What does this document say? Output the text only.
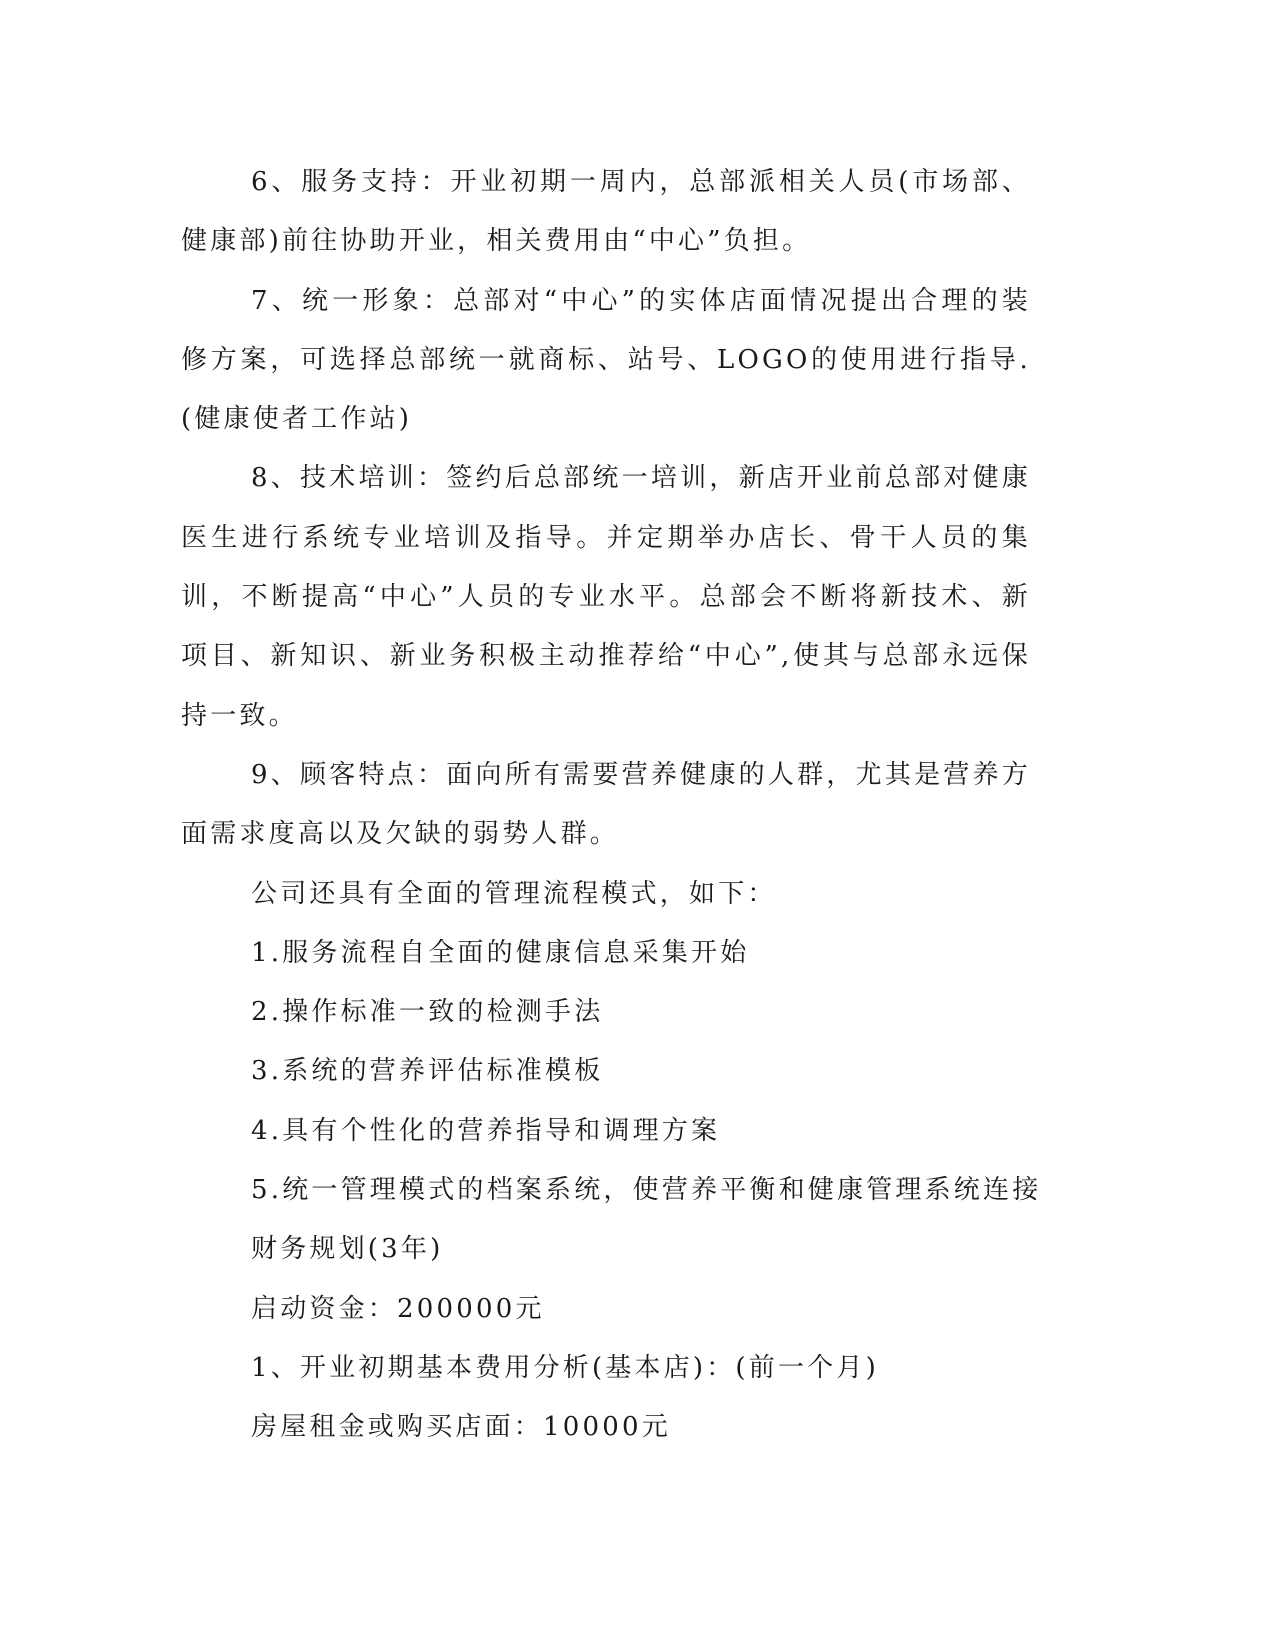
6、服务支持：开业初期一周内，总部派相关人员(市场部、健康部)前往协助开业，相关费用由“中心”负担。

7、统一形象：总部对“中心”的实体店面情况提出合理的装修方案，可选择总部统一就商标、站号、LOGO的使用进行指导.(健康使者工作站)

8、技术培训：签约后总部统一培训，新店开业前总部对健康医生进行系统专业培训及指导。并定期举办店长、骨干人员的集训，不断提高“中心”人员的专业水平。总部会不断将新技术、新项目、新知识、新业务积极主动推荐给“中心”,使其与总部永远保持一致。

9、顾客特点：面向所有需要营养健康的人群，尤其是营养方面需求度高以及欠缺的弱势人群。

公司还具有全面的管理流程模式，如下：

1.服务流程自全面的健康信息采集开始

2.操作标准一致的检测手法

3.系统的营养评估标准模板

4.具有个性化的营养指导和调理方案

5.统一管理模式的档案系统，使营养平衡和健康管理系统连接

财务规划(3年)

启动资金：200000元

1、开业初期基本费用分析(基本店)：(前一个月)

房屋租金或购买店面：10000元
